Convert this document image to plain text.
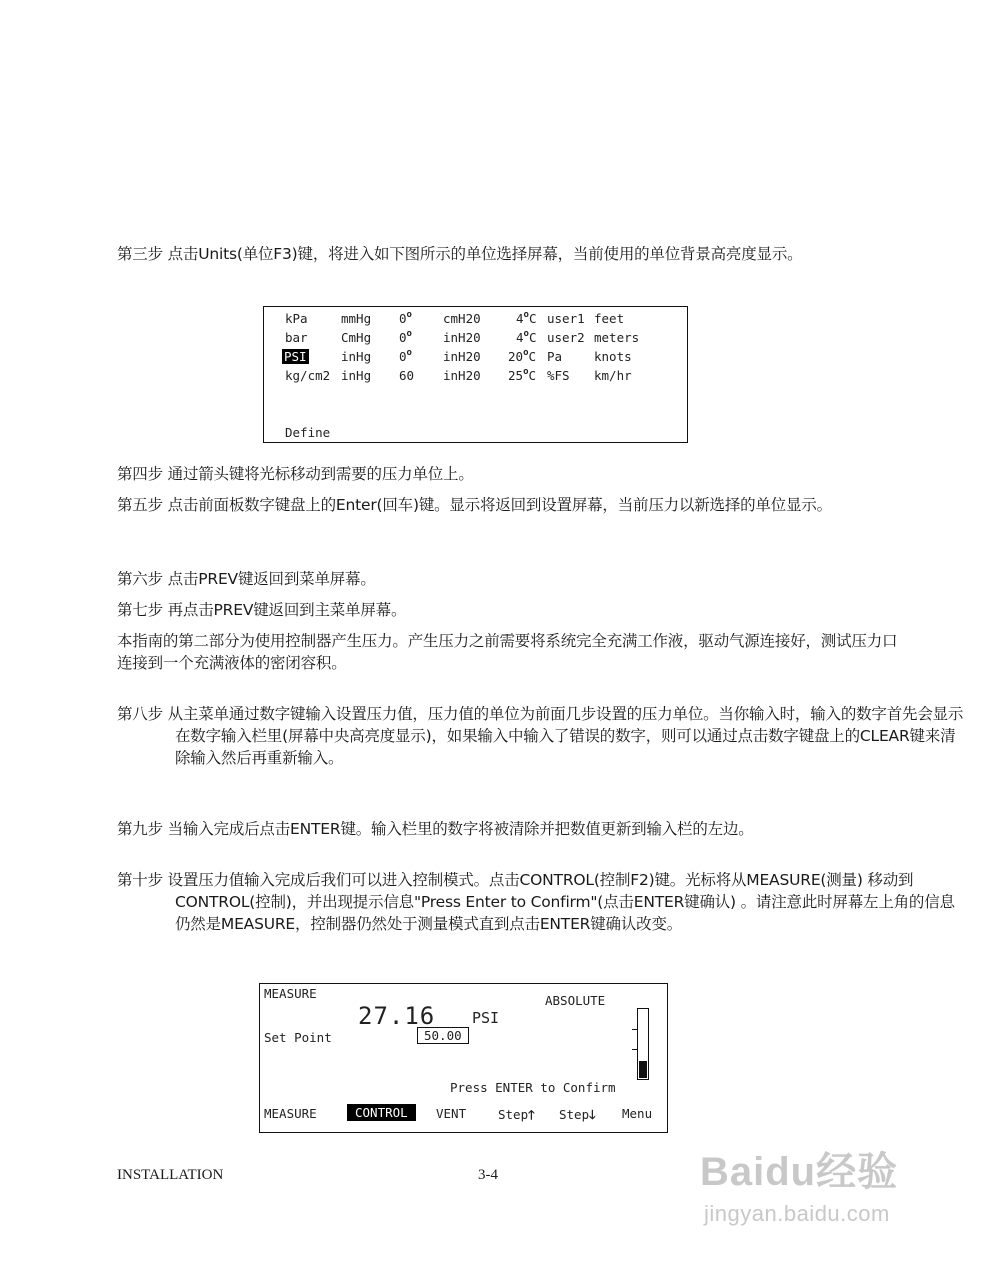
第三步 点击Units(单位F3)键，将进入如下图所示的单位选择屏幕，当前使用的单位背景高亮度显示。
kPa	mmHg 0$^o$ cmH20	4$^o$C user1 feet
bar	CmHg 0$^o$ inH20	4$^o$C user2 meters
PSI	inHg 0$^o$ inH20 20$^o$C Pa	knots
kg/cm2 inHg 60 inH20 25$^o$C %FS km/hr
Define
第四步 通过箭头键将光标移动到需要的压力单位上。
第五步 点击前面板数字键盘上的Enter(回车)键。显示将返回到设置屏幕，当前压力以新选择的单位显示。
第六步 点击PREV键返回到菜单屏幕。
第七步 再点击PREV键返回到主菜单屏幕。
本指南的第二部分为使用控制器产生压力。产生压力之前需要将系统完全充满工作液，驱动气源连接好，测试压力口连接到一个充满液体的密闭容积。
第八步 从主菜单通过数字键输入设置压力值，压力值的单位为前面几步设置的压力单位。当你输入时，输入的数字首先会显示在数字输入栏里(屏幕中央高亮度显示)，如果输入中输入了错误的数字，则可以通过点击数字键盘上的CLEAR键来清除输入然后再重新输入。
第九步 当输入完成后点击ENTER键。输入栏里的数字将被清除并把数值更新到输入栏的左边。
第十步 设置压力值输入完成后我们可以进入控制模式。点击CONTROL(控制F2)键。光标将从MEASURE(测量) 移动到CONTROL(控制)，并出现提示信息"Press Enter to Confirm"(点击ENTER键确认) 。请注意此时屏幕左上角的信息仍然是MEASURE，控制器仍然处于测量模式直到点击ENTER键确认改变。
MEASURE	ABSOLUTE
27.16 PSI
Set Point	50.00
Press ENTER to Confirm
MEASURE	CONTROL	VENT	Step🡑 Step🡓 Menu
INSTALLATION	3-4	Baidu经验
jingyan.baidu.com
